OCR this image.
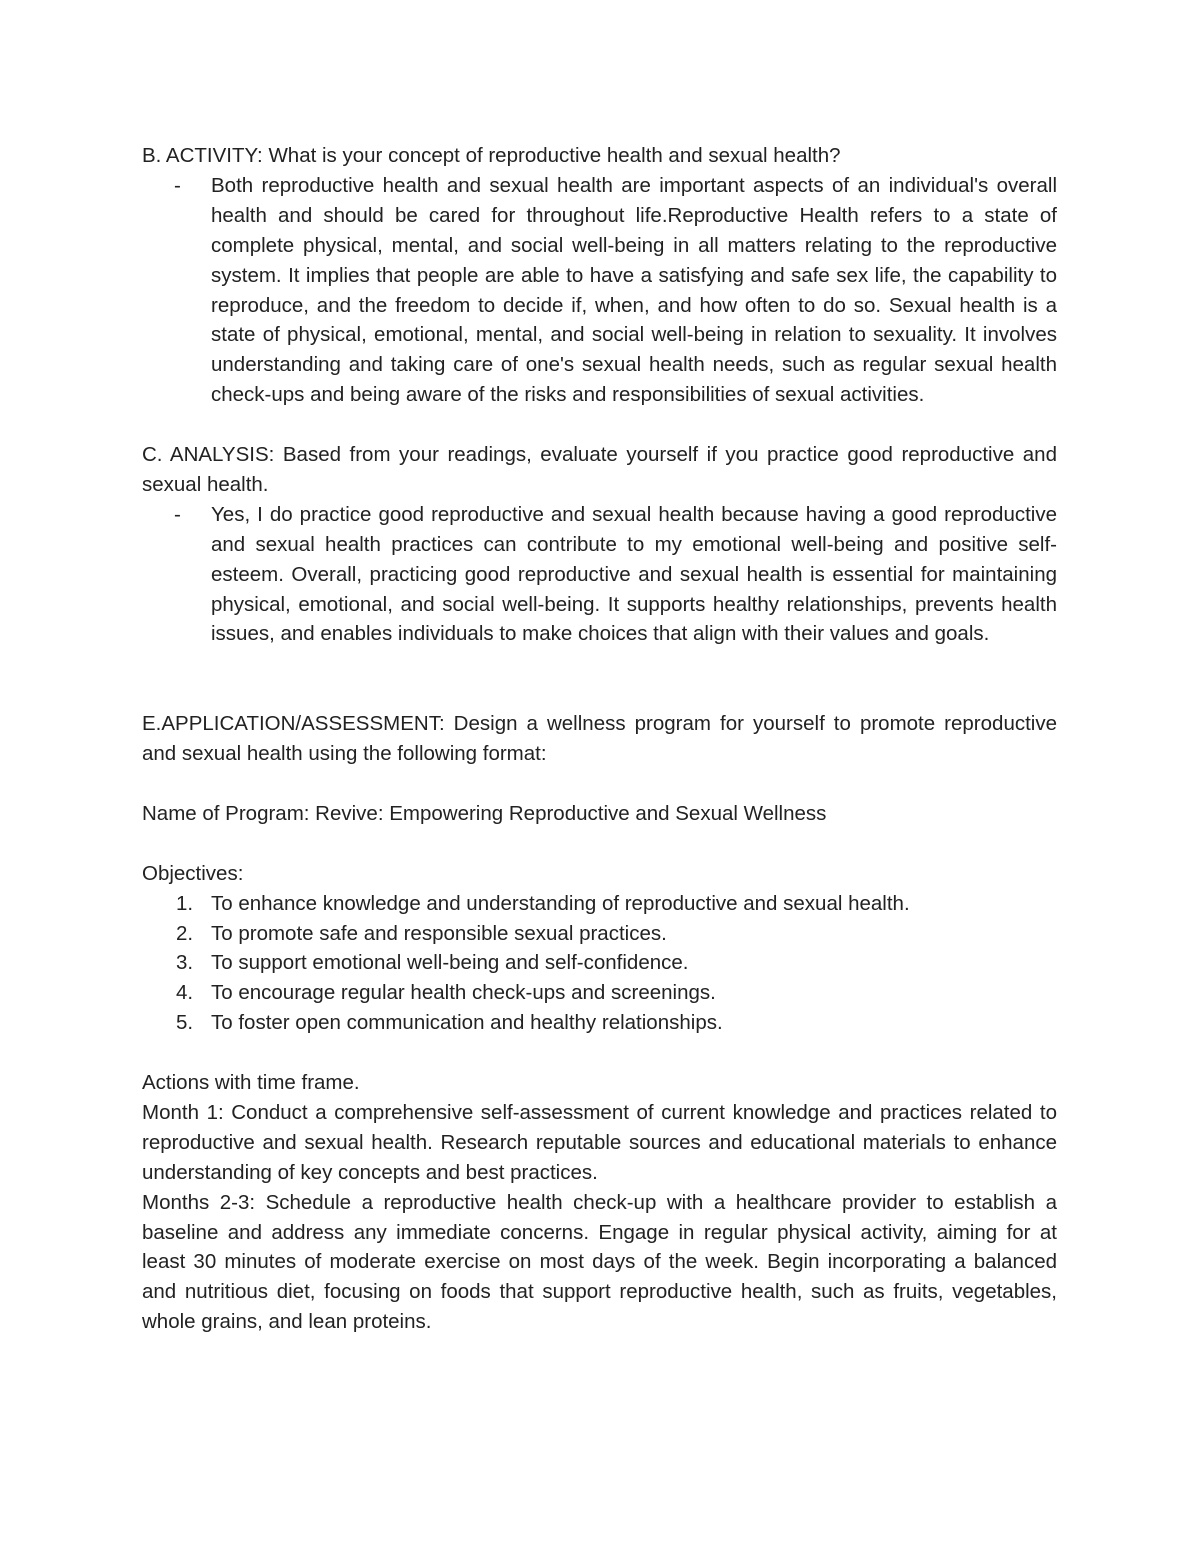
B. ACTIVITY: What is your concept of reproductive health and sexual health?

- Both reproductive health and sexual health are important aspects of an individual's overall health and should be cared for throughout life.Reproductive Health refers to a state of complete physical, mental, and social well-being in all matters relating to the reproductive system. It implies that people are able to have a satisfying and safe sex life, the capability to reproduce, and the freedom to decide if, when, and how often to do so. Sexual health is a state of physical, emotional, mental, and social well-being in relation to sexuality. It involves understanding and taking care of one's sexual health needs, such as regular sexual health check-ups and being aware of the risks and responsibilities of sexual activities.

C. ANALYSIS: Based from your readings, evaluate yourself if you practice good reproductive and sexual health.

- Yes, I do practice good reproductive and sexual health because having a good reproductive and sexual health practices can contribute to my emotional well-being and positive self-esteem. Overall, practicing good reproductive and sexual health is essential for maintaining physical, emotional, and social well-being. It supports healthy relationships, prevents health issues, and enables individuals to make choices that align with their values and goals.

E.APPLICATION/ASSESSMENT: Design a wellness program for yourself to promote reproductive and sexual health using the following format:

Name of Program: Revive: Empowering Reproductive and Sexual Wellness

Objectives:

1. To enhance knowledge and understanding of reproductive and sexual health.
2. To promote safe and responsible sexual practices.
3. To support emotional well-being and self-confidence.
4. To encourage regular health check-ups and screenings.
5. To foster open communication and healthy relationships.

Actions with time frame.

Month 1: Conduct a comprehensive self-assessment of current knowledge and practices related to reproductive and sexual health. Research reputable sources and educational materials to enhance understanding of key concepts and best practices.

Months 2-3: Schedule a reproductive health check-up with a healthcare provider to establish a baseline and address any immediate concerns. Engage in regular physical activity, aiming for at least 30 minutes of moderate exercise on most days of the week. Begin incorporating a balanced and nutritious diet, focusing on foods that support reproductive health, such as fruits, vegetables, whole grains, and lean proteins.
